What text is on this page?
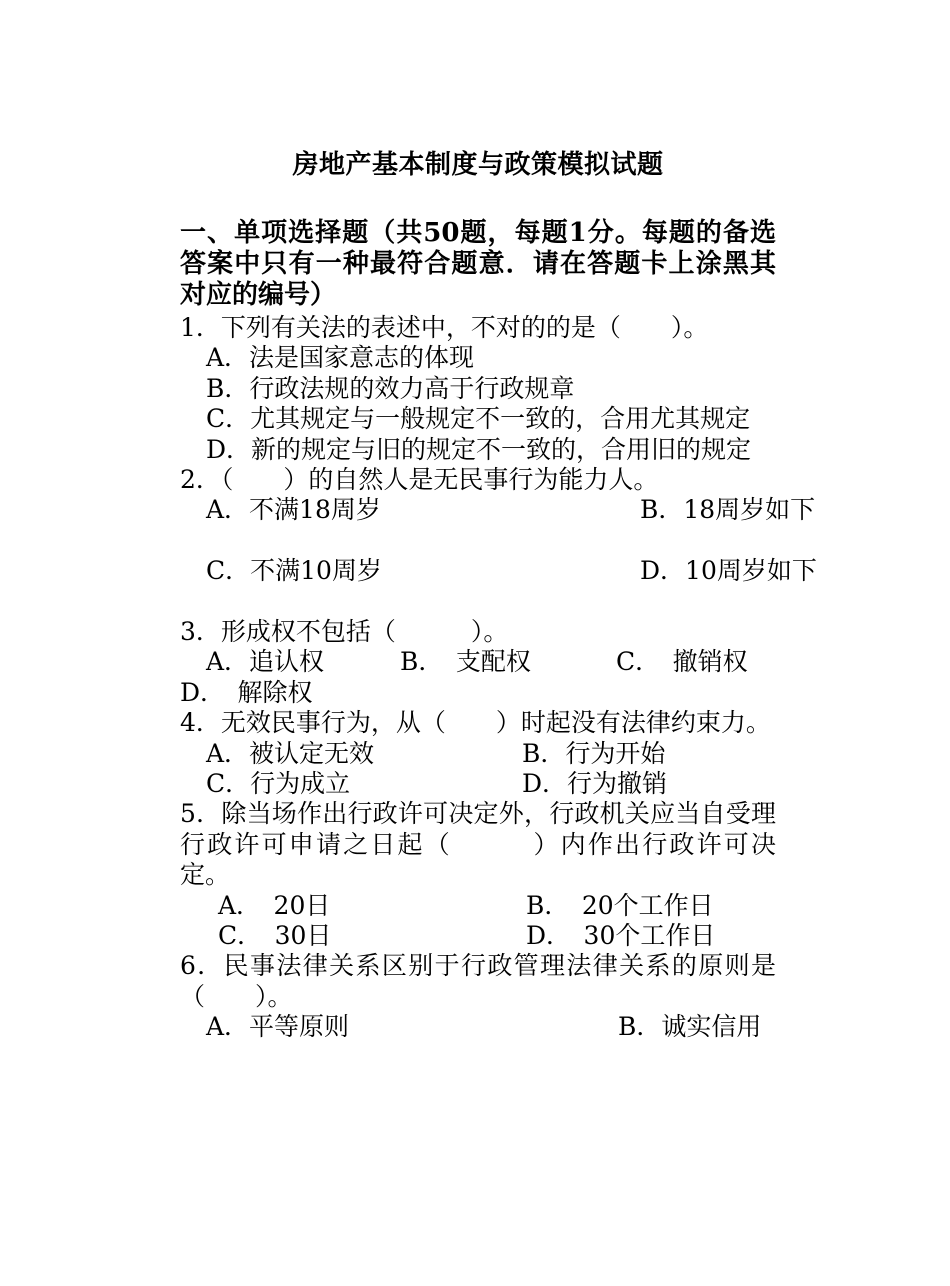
房地产基本制度与政策模拟试题
一、单项选择题（共50题，每题1分。每题的备选答案中只有一种最符合题意．请在答题卡上涂黑其对应的编号）
1．下列有关法的表述中，不对的的是（　　）。
A．法是国家意志的体现
B．行政法规的效力高于行政规章
C．尤其规定与一般规定不一致的，合用尤其规定
D．新的规定与旧的规定不一致的，合用旧的规定
2．（　　）的自然人是无民事行为能力人。
A．不满18周岁	B．18周岁如下
C．不满10周岁	D．10周岁如下
3．形成权不包括（　　　）。
A．追认权	B．　支配权	C．　撤销权
D．　解除权
4．无效民事行为，从（　　）时起没有法律约束力。
A．被认定无效	B．行为开始
C．行为成立	D．行为撤销
5．除当场作出行政许可决定外，行政机关应当自受理行政许可申请之日起（　　　）内作出行政许可决定。
A．　20日	B．　20个工作日
C．　30日	D．　30个工作日
6．民事法律关系区别于行政管理法律关系的原则是（　　）。
A．平等原则	B．诚实信用
